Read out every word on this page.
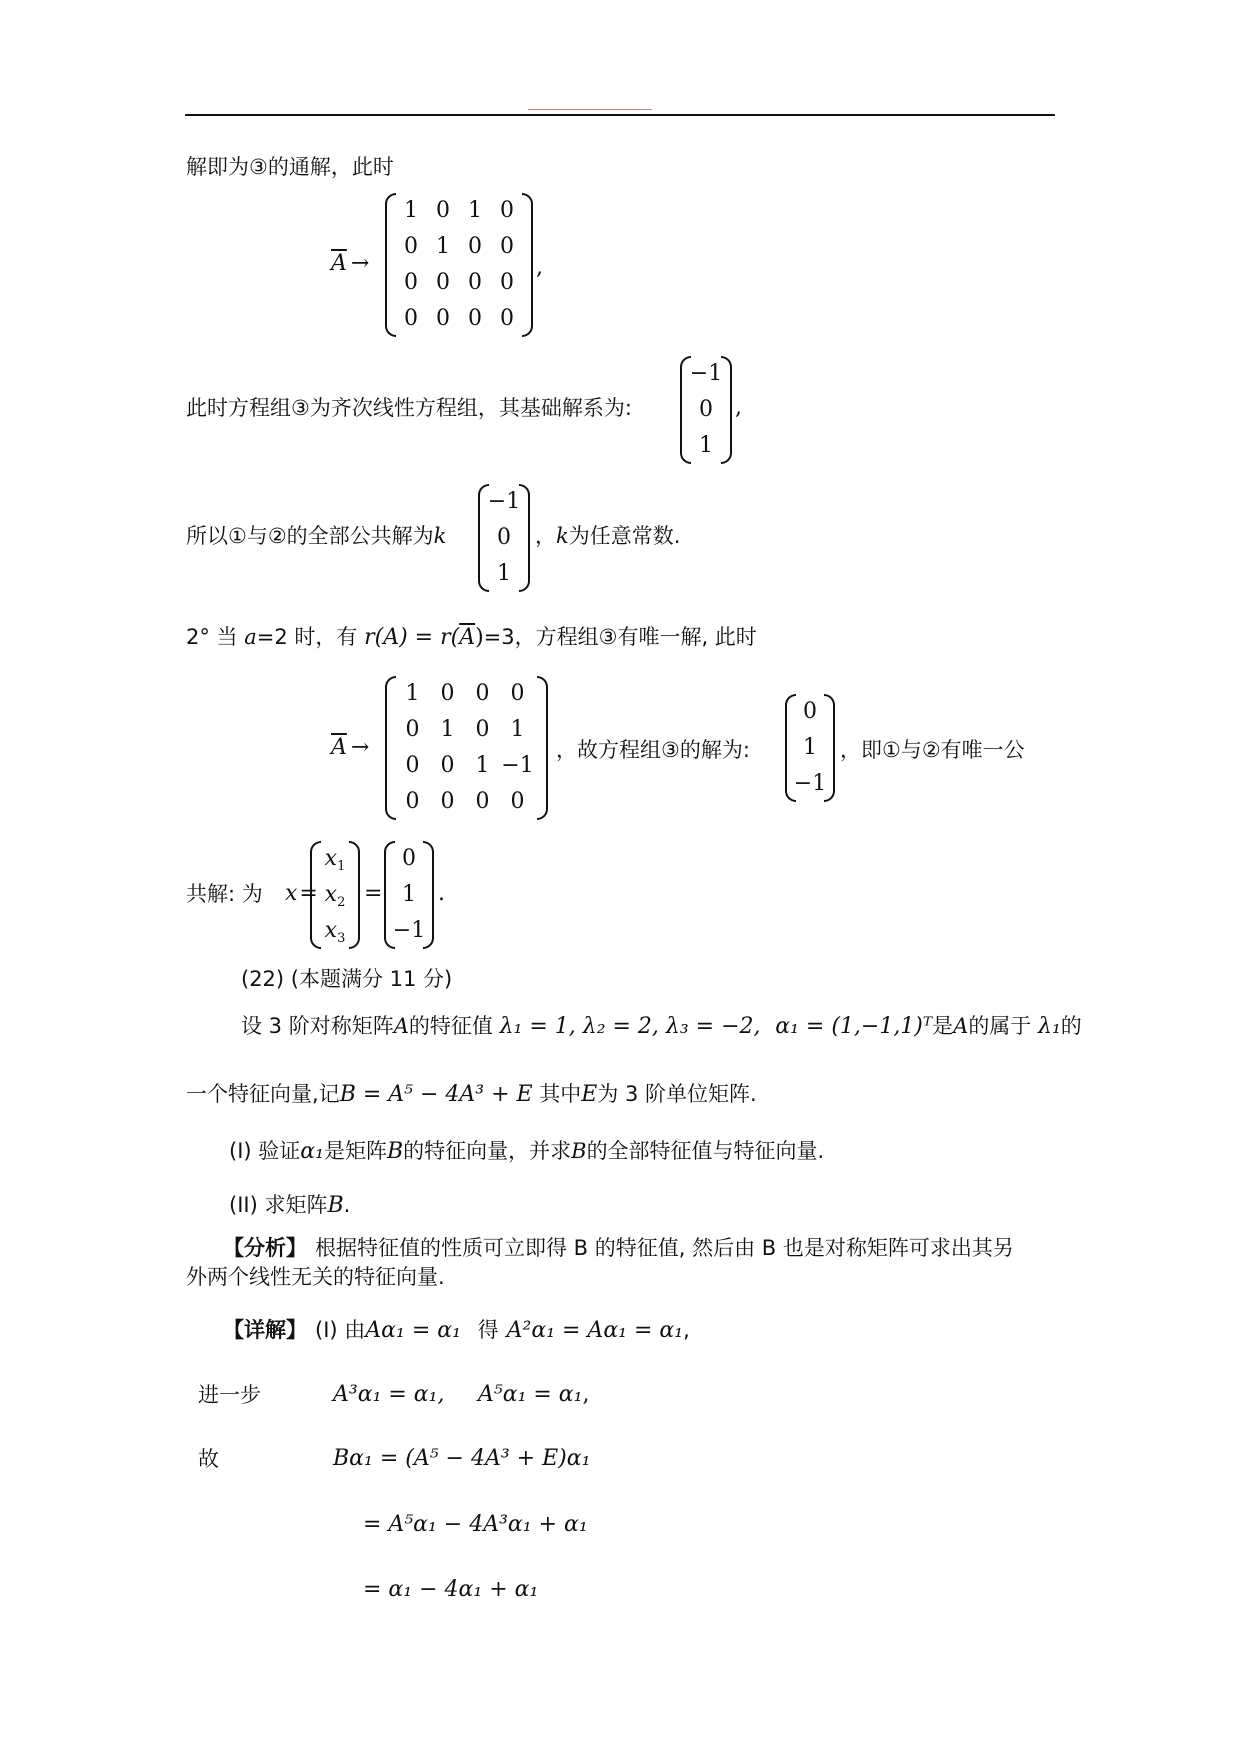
解即为③的通解，此时
$\overline{A}$ →
1 0 1 0
0 1 0 0
0 0 0 0
0 0 0 0
,
此时方程组③为齐次线性方程组，其基础解系为:
−1
0
1
,
所以①与②的全部公共解为k
−1
0
1
，k为任意常数.
2° 当 a=2 时，有 $r(A) = r(\overline{A})=3$，方程组③有唯一解, 此时
$\overline{A}$ →
1 0 0 0
0 1 0 1
0 0 1 −1
0 0 0 0
，故方程组③的解为:
0
1
−1
，即①与②有唯一公
共解: 为 x=
$x_1$
$x_2$
$x_3$
=
0
1
−1
.
(22) (本题满分 11 分)
设 3 阶对称矩阵A的特征值 λ₁ = 1, λ₂ = 2, λ₃ = −2, α₁ = (1,−1,1)ᵀ是A的属于 λ₁的
一个特征向量,记B = A⁵ − 4A³ + E 其中E为 3 阶单位矩阵.
(I) 验证α₁是矩阵B的特征向量，并求B的全部特征值与特征向量.
(II) 求矩阵B.
【分析】 根据特征值的性质可立即得 B 的特征值, 然后由 B 也是对称矩阵可求出其另
外两个线性无关的特征向量.
【详解】 (I) 由Aα₁ = α₁ 得 A²α₁ = Aα₁ = α₁,
进一步	A³α₁ = α₁, A⁵α₁ = α₁,
故	Bα₁ = (A⁵ − 4A³ + E)α₁
= A⁵α₁ − 4A³α₁ + α₁
= α₁ − 4α₁ + α₁
